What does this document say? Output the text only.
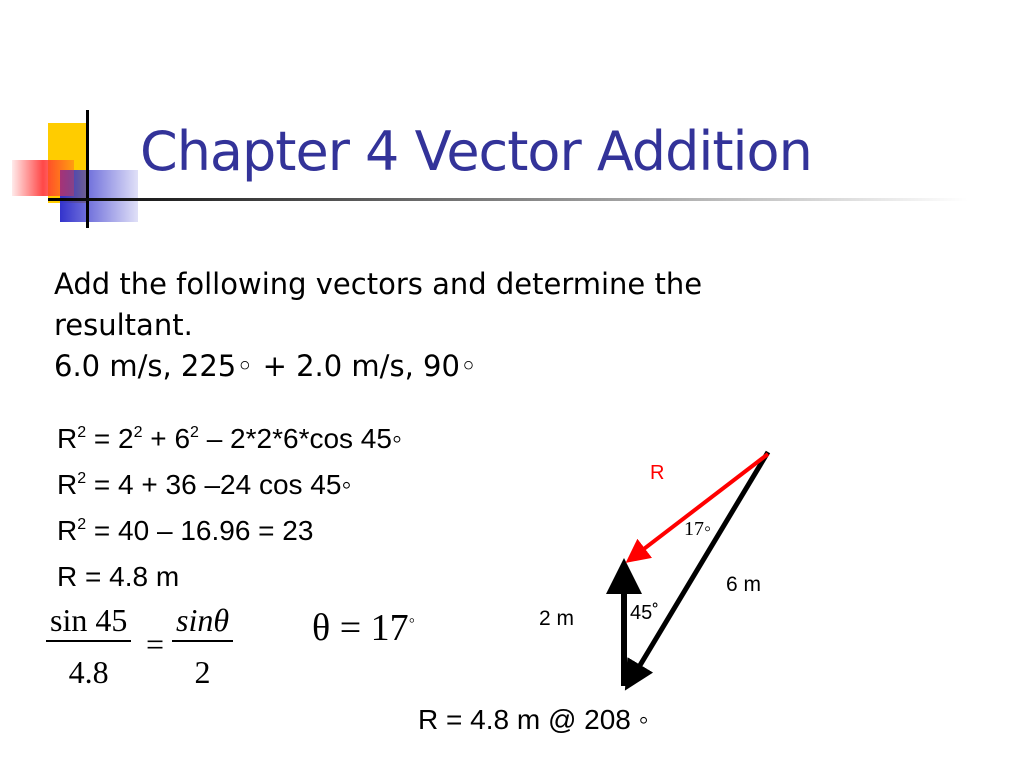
Chapter 4 Vector Addition
Add the following vectors and determine the
resultant.
6.0 m/s, 225◦ + 2.0 m/s, 90◦
$R^2 = 2^2 + 6^2 - 2*2*6*\cos$ 45◦
$R^2 = 4 + 36$ –24 cos 45◦
$R^2 = 40 - 16.96 = 23$
R = 4.8 m
sin 45
4.8
=
sinθ
2
θ = 17◦
R
17◦
45˚
6 m
2 m
R = 4.8 m @ 208 ◦
